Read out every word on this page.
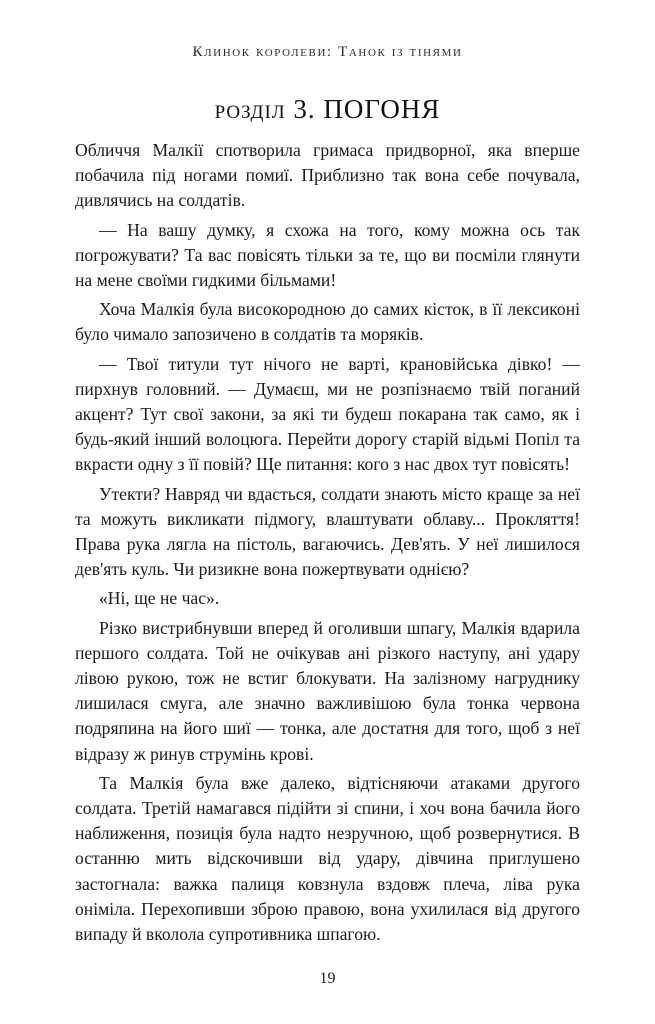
Клинок королеви: Танок із тінями
розділ 3. ПОГОНЯ

Обличчя Малкії спотворила гримаса придворної, яка вперше побачила під ногами помиї. Приблизно так вона себе почувала, дивлячись на солдатів.

— На вашу думку, я схожа на того, кому можна ось так погрожувати? Та вас повісять тільки за те, що ви посміли глянути на мене своїми гидкими більмами!

Хоча Малкія була високородною до самих кісток, в її лексиконі було чимало запозичено в солдатів та моряків.

— Твої титули тут нічого не варті, крановійська дівко! — пирхнув головний. — Думаєш, ми не розпізнаємо твій поганий акцент? Тут свої закони, за які ти будеш покарана так само, як і будь-який інший волоцюга. Перейти дорогу старій відьмі Попіл та вкрасти одну з її повій? Ще питання: кого з нас двох тут повісять!

Утекти? Навряд чи вдасться, солдати знають місто краще за неї та можуть викликати підмогу, влаштувати облаву... Прокляття! Права рука лягла на пістоль, вагаючись. Дев'ять. У неї лишилося дев'ять куль. Чи ризикне вона пожертвувати однією?

«Ні, ще не час».

Різко вистрибнувши вперед й оголивши шпагу, Малкія вдарила першого солдата. Той не очікував ані різкого наступу, ані удару лівою рукою, тож не встиг блокувати. На залізному нагруднику лишилася смуга, але значно важливішою була тонка червона подряпина на його шиї — тонка, але достатня для того, щоб з неї відразу ж ринув струмінь крові.

Та Малкія була вже далеко, відтісняючи атаками другого солдата. Третій намагався підійти зі спини, і хоч вона бачила його наближення, позиція була надто незручною, щоб розвернутися. В останню мить відскочивши від удару, дівчина приглушено застогнала: важка палиця ковзнула вздовж плеча, ліва рука оніміла. Перехопивши зброю правою, вона ухилилася від другого випаду й вколола супротивника шпагою.

19
